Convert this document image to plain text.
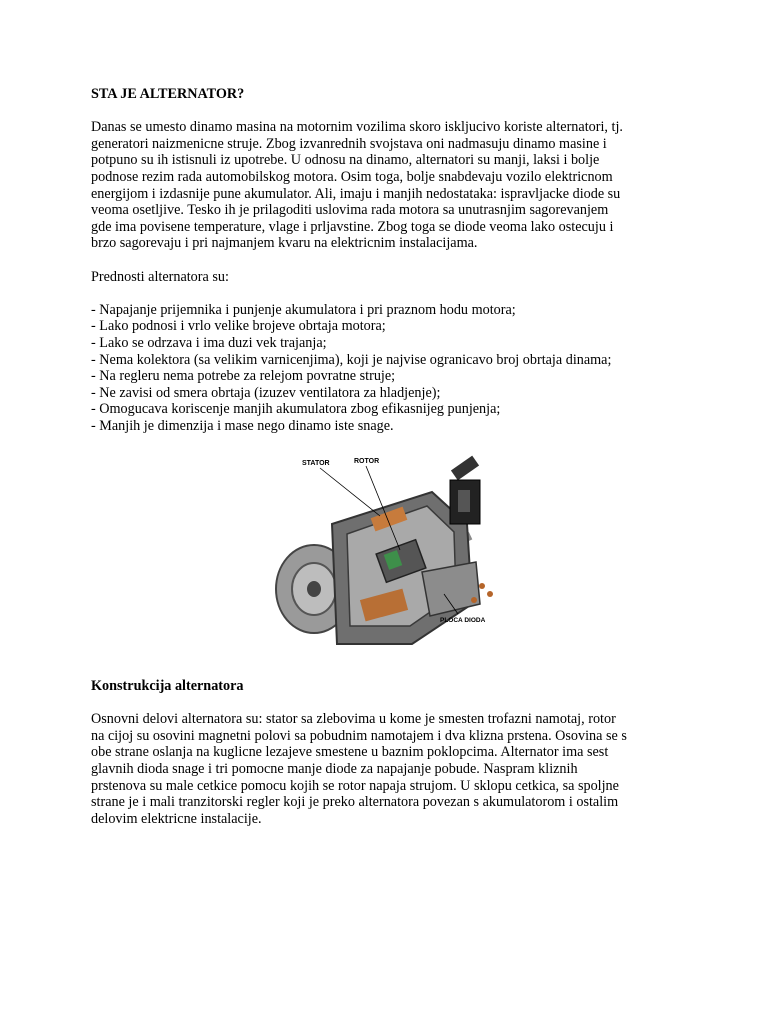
STA JE ALTERNATOR?
Danas se umesto dinamo masina na motornim vozilima skoro iskljucivo koriste alternatori, tj.
generatori naizmenicne struje. Zbog izvanrednih svojstava oni nadmasuju dinamo masine i
potpuno su ih istisnuli iz upotrebe. U odnosu na dinamo, alternatori su manji, laksi i bolje
podnose rezim rada automobilskog motora. Osim toga, bolje snabdevaju vozilo elektricnom
energijom i izdasnije pune akumulator. Ali, imaju i manjih nedostataka: ispravljacke diode su
veoma osetljive. Tesko ih je prilagoditi uslovima rada motora sa unutrasnjim sagorevanjem
gde ima povisene temperature, vlage i prljavstine. Zbog toga se diode veoma lako ostecuju i
brzo sagorevaju i pri najmanjem kvaru na elektricnim instalacijama.

Prednosti alternatora su:

- Napajanje prijemnika i punjenje akumulatora i pri praznom hodu motora;
- Lako podnosi i vrlo velike brojeve obrtaja motora;
- Lako se odrzava i ima duzi vek trajanja;
- Nema kolektora (sa velikim varnicenjima), koji je najvise ogranicavo broj obrtaja dinama;
- Na regleru nema potrebe za relejom povratne struje;
- Ne zavisi od smera obrtaja (izuzev ventilatora za hladjenje);
- Omogucava koriscenje manjih akumulatora zbog efikasnijeg punjenja;
- Manjih je dimenzija i mase nego dinamo iste snage.
STATOR	ROTOR
PLOCA DIODA
Konstrukcija alternatora
Osnovni delovi alternatora su: stator sa zlebovima u kome je smesten trofazni namotaj, rotor
na cijoj su osovini magnetni polovi sa pobudnim namotajem i dva klizna prstena. Osovina se s
obe strane oslanja na kuglicne lezajeve smestene u baznim poklopcima. Alternator ima sest
glavnih dioda snage i tri pomocne manje diode za napajanje pobude. Naspram kliznih
prstenova su male cetkice pomocu kojih se rotor napaja strujom. U sklopu cetkica, sa spoljne
strane je i mali tranzitorski regler koji je preko alternatora povezan s akumulatorom i ostalim
delovim elektricne instalacije.
